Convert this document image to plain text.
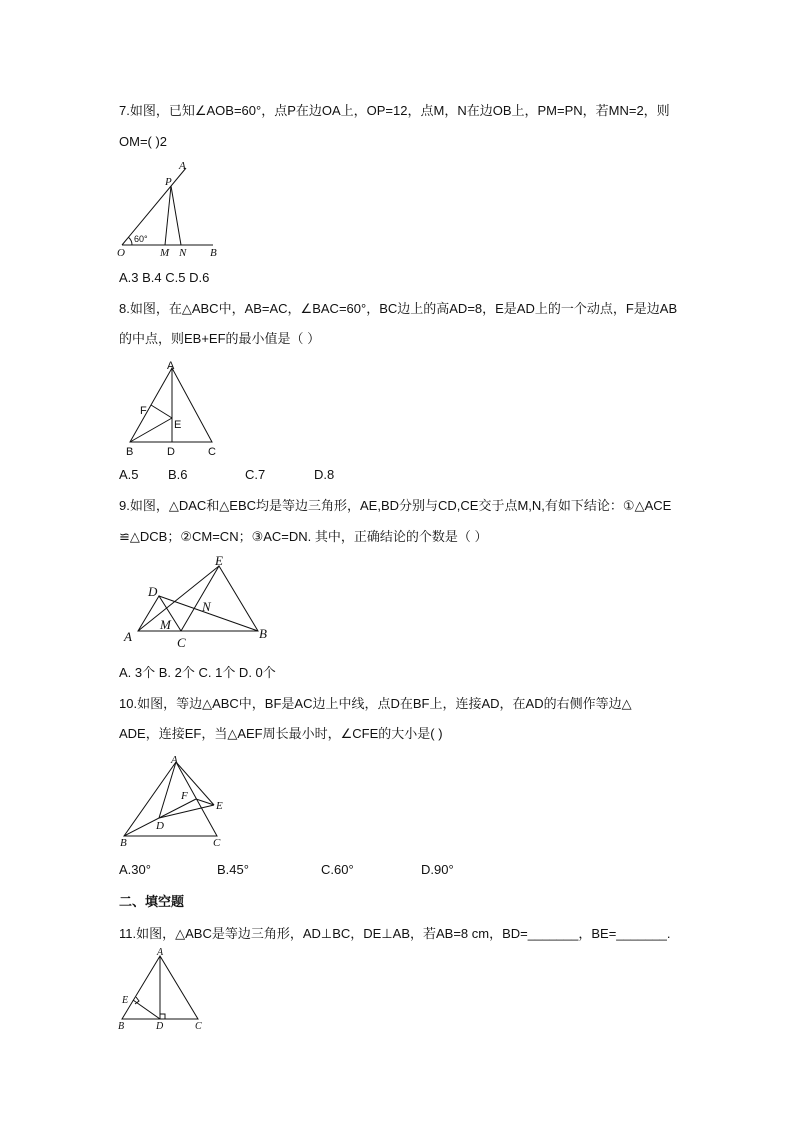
7.如图，已知∠AOB=60°，点P在边OA上，OP=12，点M，N在边OB上，PM=PN，若MN=2，则
OM=( )2
A
P
60°
O	M N B
A.3 B.4 C.5 D.6
8.如图，在△ABC中，AB=AC，∠BAC=60°，BC边上的高AD=8，E是AD上的一个动点，F是边AB
的中点，则EB+EF的最小值是（ ）
A
F
E
B	D	C
A.5 B.6	C.7	D.8
9.如图，△DAC和△EBC均是等边三角形，AE,BD分别与CD,CE交于点M,N,有如下结论：①△ACE
≌△DCB；②CM=CN；③AC=DN. 其中，正确结论的个数是（ ）
E
D
N
M
A	C
B
A. 3个 B. 2个 C. 1个 D. 0个
10.如图，等边△ABC中，BF是AC边上中线，点D在BF上，连接AD，在AD的右侧作等边△
ADE，连接EF，当△AEF周长最小时，∠CFE的大小是( )
A
F
E
D
B	C
A.30°	B.45°	C.60°	D.90°
二、填空题
11.如图，△ABC是等边三角形，AD⊥BC，DE⊥AB，若AB=8 cm，BD=_______，BE=_______.
A
E
B	D	C
